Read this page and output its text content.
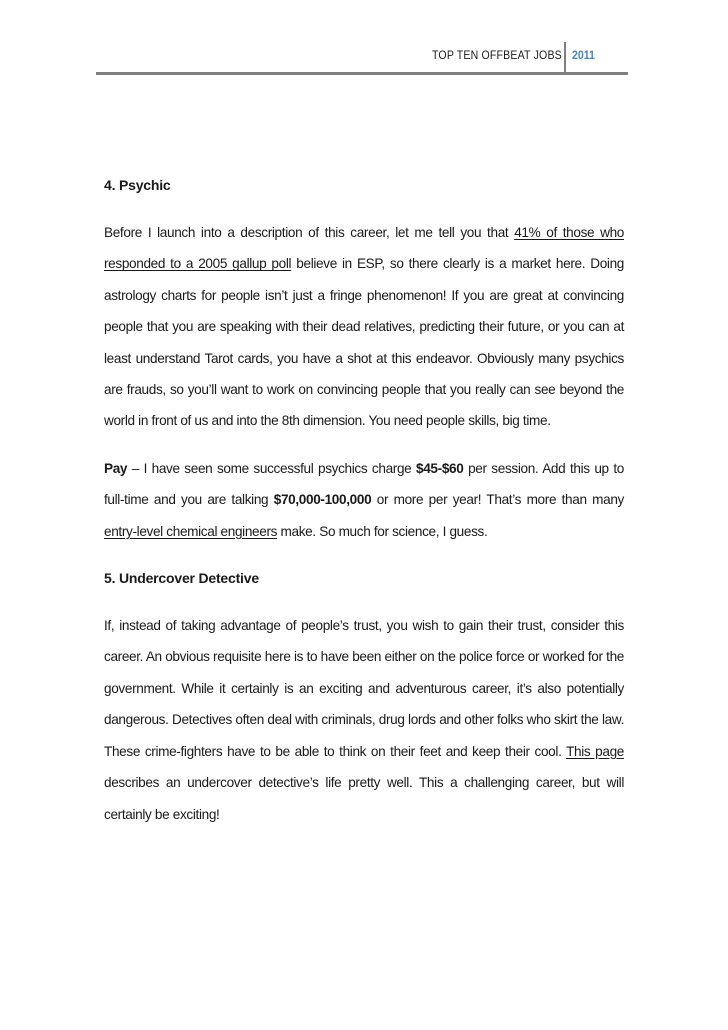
TOP TEN OFFBEAT JOBS 2011
4. Psychic

Before I launch into a description of this career, let me tell you that 41% of those who responded to a 2005 gallup poll believe in ESP, so there clearly is a market here. Doing astrology charts for people isn’t just a fringe phenomenon! If you are great at convincing people that you are speaking with their dead relatives, predicting their future, or you can at least understand Tarot cards, you have a shot at this endeavor. Obviously many psychics are frauds, so you’ll want to work on convincing people that you really can see beyond the world in front of us and into the 8th dimension. You need people skills, big time.

Pay – I have seen some successful psychics charge $45-$60 per session. Add this up to full-time and you are talking $70,000-100,000 or more per year! That’s more than many entry-level chemical engineers make. So much for science, I guess.

5. Undercover Detective

If, instead of taking advantage of people’s trust, you wish to gain their trust, consider this career. An obvious requisite here is to have been either on the police force or worked for the government. While it certainly is an exciting and adventurous career, it’s also potentially dangerous. Detectives often deal with criminals, drug lords and other folks who skirt the law. These crime-fighters have to be able to think on their feet and keep their cool. This page describes an undercover detective’s life pretty well. This a challenging career, but will certainly be exciting!
